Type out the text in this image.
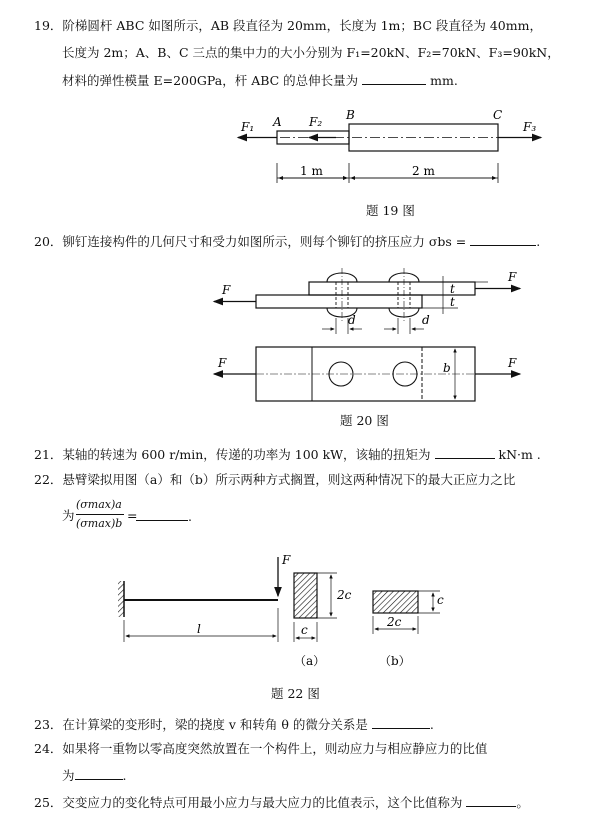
19．阶梯圆杆 ABC 如图所示，AB 段直径为 20mm，长度为 1m；BC 段直径为 40mm，
长度为 2m；A、B、C 三点的集中力的大小分别为 F₁=20kN、F₂=70kN、F₃=90kN，
材料的弹性模量 E=200GPa，杆 ABC 的总伸长量为	mm.
F₁ A F₂ B	C
F₃
1 m	2 m
F
F	t
t
d	d
F	F
b
F
l
2c
c
c
2c
（a）	（b）
题 19 图
20．铆钉连接构件的几何尺寸和受力如图所示，则每个铆钉的挤压应力 σbs =	.
题 20 图
21．某轴的转速为 600 r/min，传递的功率为 100 kW，该轴的扭矩为	kN·m .
22．悬臂梁拟用图（a）和（b）所示两种方式搁置，则这两种情况下的最大正应力之比
为
(σmax)a
(σmax)b
=	.
题 22 图
23．在计算梁的变形时，梁的挠度 v 和转角 θ 的微分关系是	.
24．如果将一重物以零高度突然放置在一个构件上，则动应力与相应静应力的比值
为	.
25．交变应力的变化特点可用最小应力与最大应力的比值表示，这个比值称为	。
